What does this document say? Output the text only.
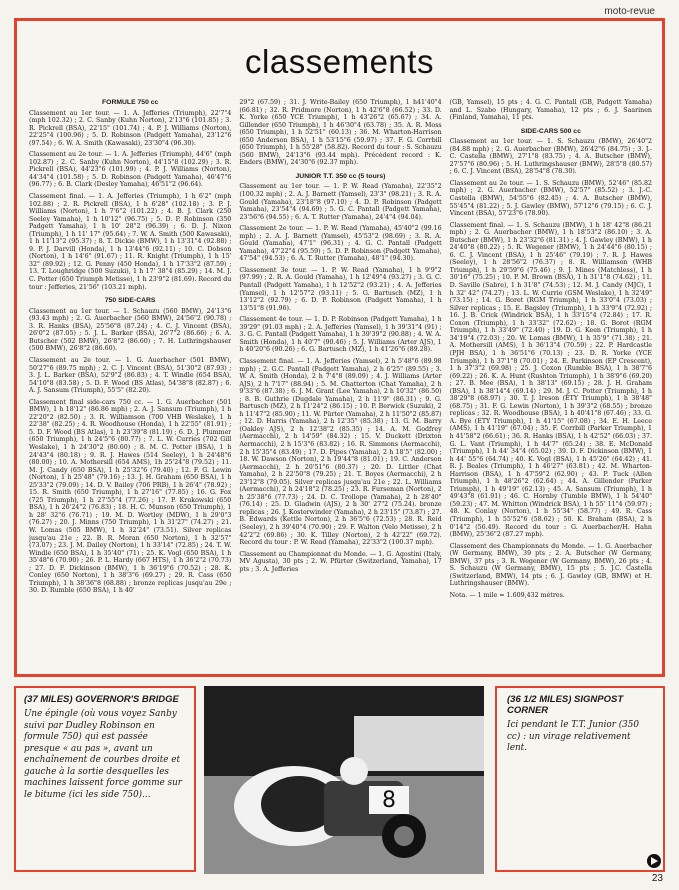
moto-revue
classements
FORMULE 750 cc

Classement au 1er tour. — 1. A. Jefferies (Triumph), 22'7"4 (mph 102.32) ; 2. C. Sanby (Kuhn Norton), 2'13"6 (101.85) ; 3. R. Pickrell (BSA), 22'15" (101.74) ; 4. P. J. Williams (Norton), 22'25"4 (100.96) ; 5. D. Robinson (Padgett Yamaha), 23'12"6 (97.54) ; 6. W. A. Smith (Kawasaki), 23'30"4 (96.30).

Classement au 2e tour. — 1. A. Jefferies (Triumph), 44'6" (mph 102.87) ; 2. C. Sanby (Kuhn Norton), 44'15"8 (102.29) ; 3. R. Pickrell (BSA), 44'23"6 (101.99) ; 4. P. J. Williams (Norton), 44'34"4 (101.58) ; 5. D. Robinson (Padgett Yamaha), 46'47"6 (96.77) ; 6. B. Clark (Desley Yamaha), 46'51"2 (96.64).

Classement final. — 1. A. Jefferies (Triumph), 1 h 6'2" (mph 102.88) ; 2. R. Pickrell (BSA), 1 h 6'28" (102.18) ; 3. P. J. Williams (Norton), 1 h 7'6"2 (101.22) ; 4. B. J. Clark (250 Seeley Yamaha), 1 h 10'12" (96.75) ; 5. D. P. Robinson (350 Padgett Yamaha), 1 h 10' 28"2 (96.39) ; 6. D. J. Nixon (Triumph), 1 h 11' 17" (95.64) ; 7. W. A. Smith (500 Kawasaki), 1 h 11'13"2 (95.37) ; 8. T. Dickie (BMW), 1 h 13'31"4 (92.88) ; 9. P. J. Darvill (Honda), 1 h 13'44"6 (92.11) ; 10. C. Dobson (Norton), 1 h 14'6" (91.67) ; 11. R. Knight (Triumph), 1 h 15' 32" (89.92) ; 12. G. Penny (450 Honda), 1 h 17'33"2 (87.59) ; 13. T. Loughridge (500 Suzuki), 1 h 17' 38"4 (85.29) ; 14. M. J. C. Potter (650 Triumph Metisse), 1 h 23'9"2 (81.69). Record du tour : Jefferies, 21'56" (103.21 mph).

750 SIDE-CARS

Classement au 1er tour. — 1. Schauzu (560 BMW), 24'13"6 (93.43 mph) ; 2. G. Auerbacher (560 BMW), 24'56"2 (90.78) ; 3. R. Hanks (BSA), 25'56"8 (87.24) ; 4. C. J. Vincent (BSA), 26'0"2 (87.05) ; 5. J. L. Barker (BSA), 26'7"2 (86.66) ; 6. A. Butscher (502 BMW), 26'8"2 (86.60) ; 7. H. Luthringshauser (500 BMW), 26'8"2 (86.60).

Classement au 2e tour. — 1. G. Auerbacher (501 BMW), 50'27"6 (89.75 mph) ; 2. C. J. Vincent (BSA), 51'30"2 (87.93) ; 3. J. L. Barker (BSA), 52'9"2 (86.83) ; 4. T. Windle (654 BSA), 54'10"8 (83.58) ; 5. D. F. Wood (BS Atlas), 54'38"8 (82.87) ; 6. A. J. Sansum (Triumph), 55'5" (82.20).

Classement final side-cars 750 cc. — 1. G. Auerbacher (501 BMW), 1 h 18'12" (86.86 mph) ; 2. A. J. Sansum (Triumph), 1 h 22'20"2 (82.50) ; 3. R. Williamson (700 VHB Weslake), 1 h 22'38" (82.25) ; 4. R. Woodhouse (Honda), 1 h 22'55" (81.91) ; 5. D. F. Wood (BS Atlas), 1 h 23'39"8 (81.19) ; 6. D. J. Plummer (650 Triumph), 1 h 24'5"6 (80.77) ; 7. L. W. Curries (702 Gill Weslake), 1 h 24'30"2 (80.60) ; 8. M. C. Potter (BSA), 1 h 24'43"4 (80.18) ; 9. R. J. Hawes (514 Seeley), 1 h 24'48"6 (80.00) ; 10. A. Mothersill (654 AMS), 1h 25'24"8 (79.52) ; 11. M. J. Candy (650 BSA), 1 h 25'32"6 (79.40) ; 12. F. G. Lewin (Norton), 1 h 25'48" (79.16) ; 13. J. H. Graham (650 BSA), 1 h 25'33"2 (79.09) ; 14. D. V. Bailey (706 PRB), 1 h 26'4" (78.92) ; 15. R. Smith (650 Triumph), 1 h 27'16" (77.85) ; 16. G. Fox (725 Triumph), 1 h 27'55"4 (77.26) ; 17. P. Krukowski (650 BSA), 1 h 26'24"2 (76.83) ; 18. H. C. Munson (650 Triumph), 1 h 28' 32"6 (76.71) ; 19. M. D. Wortley (MDW), 1 h 29'0"3 (76.27) ; 20. J. Minns (750 Triumph), 1 h 31'27" (74.27) ; 21. W. Lomas (505 BMW), 1 h 32'24" (73.51). Silver replicas jusqu'au 21e ; 22. B. R. Moran (650 Norton), 1 h 32'57" (73.07) ; 23. J. M. Dailey (Norton), 1 h 33'14" (72.85) ; 24. T. W. Windle (650 BSA), 1 h 35'40" (71) ; 25. K. Vogl (650 BSA), 1 h 35'48"6 (70.90) ; 26. P. L. Hardy (667 HTS), 1 h 36'2"2 (70.73) ; 27. D. F. Dickinson (BMW), 1 h 36'19"6 (70.52) ; 28. K. Conley (650 Norton), 1 h 38'3"6 (69.27) ; 29. R. Cass (650 Triumph), 1 h 38'36"8 (68.88) ; bronze replicas jusqu'au 29e ; 30. D. Rumble (650 BSA), 1 h 40'

29"2 (67.59) ; 31. J. Write-Bailey (650 Triumph), 1 h41'40"4 (66.81) ; 32. R. Pridmore (Norton), 1 h 42'6"8 (66.52) ; 33. D. K. Yorke (650 YCE Triumph), 1 h 43'26"2 (65.67) ; 34. A. Gillender (650 Triumph), 1 h 46'30"4 (63.78) ; 35. A. R. Moss (650 Triumph), 1 h 52'51" (60.13) ; 36. M. Wharton-Harrison (650 Anderson BSA), 1 h 53'15"6 (59.97) ; 37. F. G. Corrbill (650 Triumph), 1 h 55'28" (58.82). Record du tour : S. Schauzu (560 BMW), 24'13"6 (93.44 mph). Précédent record : K. Enders (BMW), 24'30"6 (92.37 mph).

JUNIOR T.T. 350 cc (5 tours)

Classement au 1er tour. — 1. P. W. Read (Yamaha), 22'35"2 (100.32 mph) ; 2. A. J. Barnett (Yamsel), 23'3" (98.21) ; 3. R. A. Gould (Yamaha), 23'18"8 (97.10) ; 4. D. P. Robinson (Padgett Yamaha), 23'54"4 (94.69) ; 5. G. C. Pantall (Padgett Yamaha), 23'56"6 (94.55) ; 6. A. T. Rutter (Yamaha), 24'4"4 (94.04).

Classement 2e tour. — 1. P. W. Read (Yamaha), 45'40"2 (99.16 mph) ; 2. A. J. Barnett (Yamsel), 45'53"2 (98.69) ; 3. R. A. Gould (Yamaha), 47'1" (96.31) ; 4. G. C. Pantall (Padgett Yamaha), 47'22"4 (95.59) ; 5. D. P. Robinson (Padgett Yamaha), 47'54" (94.53) ; 6. A. T. Rutter (Yamaha), 48'1" (94.30).

Classement 3e tour. — 1. P. W. Read (Yamaha), 1 h 9'9"2 (97.99) ; 2. R. A. Gould (Yamaha), 1 h 12'49"4 (93.27) ; 3. G. C. Pantall (Padgett Yamaha), 1 h 12'52"2 (93.21) ; 4. A. Jefferies (Yamsel), 1 h 12'57"2 (93.11) ; 5. G. Bartusch (MZ), 1 h 13'12"2 (92.79) ; 6. D. P. Robinson (Padgett Yamaha), 1 h 13'51"8 (91.96).

Classement 4e tour. — 1. D. P. Robinson (Padgett Yamaha), 1 h 39'29" (91.03 mph) ; 2. A. Jefferies (Yamsel), 1 h 39'31"4 (91) ; 3. G. C. Pantall (Padgett Yamaha), 1 h 39'39"2 (90.88) ; 4. W. A. Smith (Honda), 1 h 40'7" (90.46) ; 5. J. Williams (Arter AJS), 1 h 40'20"6 (90.26) ; 6. G. Bartusch (MZ), 1 h 41'26"6 (89.28).

Classement final. — 1. A. Jefferies (Yamsel), 2 h 5'48"6 (89.98 mph) ; 2. G.C. Pantall (Padgett Yamaha), 2 h 6'25" (89.55) ; 3. W. A. Smith (Honda), 2 h 7'4"8 (89.09) ; 4. J. Williams (Arter AJS), 2 h 7'17" (88.94) ; 5. M. Chatterton (Chat Yamaha), 2 h 9'33"6 (87.38) ; 6. J. M. Grant (Lee Yamaha), 2 h 10'32" (86.50) ; 8. B. Guthrie (Dugdale Yamaha), 2 h 11'9" (86.31) ; 9. G. Bartusch (MZ), 2 h 11'24"2 (86.15) ; 10. P. Berwick (Suzuki), 2 h 11'47"2 (85.90) ; 11. W. Pürter (Yamaha), 2 h 11'50"2 (85.87) ; 12. D. Harris (Yamaha), 2 h 12'35" (85.38) ; 13. G. M. Barry (Oakley AJS), 2 h 12'38"2 (85.35) ; 14. A. M. Godfrey (Aermacchi), 2 h 14'59" (84.32) ; 15. V. Duckett (Drixton Aermacchi), 2 h 15'3"6 (83.82) ; 16. R. Simmons (Aermacchi), 2 h 15'35"4 (83.49) ; 17. D. Pipes (Yamaha), 2 h 18'5" (82.00) ; 18. W. Dawson (Norton), 2 h 19'44"8 (81.01) ; 19. C. Anderson (Aermacchi), 2 h 20'51"6 (80.37) ; 20. D. Littler (Chat Yamaha), 2 h 22'50"8 (79.25) ; 21. T. Boyes (Aermacchi), 2 h 23'12"8 (79.05). Silver replicas jusqu'au 21e ; 22. L. Williams (Aermacchi), 2 h 24'18"2 (78.25) ; 23. R. Furseman (Norton), 2 h 25'38"6 (77.73) ; 24. D. C. Trollope (Yamaha), 2 h 28'40" (76.14) ; 25. D. Gladwin (AJS), 2 h 30' 27"2 (75.24). bronze replicas ; 26. J. Kosterwinder (Yamaha), 2 h 23'15" (73.87) ; 27. B. Edwards (Kettle Norton), 2 h 36'5"6 (72.53) ; 28. R. Reid (Seeley), 2 h 39'40"4 (70.90) ; 29. F. Walton (Velo Metisse), 2 h 42'2"2 (69.86) ; 30. K. Tilley (Norton), 2 h 42'22" (69.72). Record du tour : P. W. Read (Yamaha), 22'33"2 (100.37 mph).

Classement au Championnat du Monde. — 1. G. Agostini (Italy, MV Agusta), 30 pts ; 2. W. Pfürter (Switzerland, Yamaha), 17 pts ; 3. A. Jefferies

(GB, Yamsel), 15 pts ; 4. G. C. Pantall (GB, Padgett Yamaha) and L. Szabo (Hungary, Yamaha), 12 pts ; 6. J. Saarinen (Finland, Yamaha), 11 pts.

SIDE-CARS 500 cc

Classement au 1er tour. — 1. S. Schauzu (BMW), 26'40"2 (84.88 mph) ; 2. G. Auerbacher (BMW), 26'42"6 (84.75) ; 3. J.-C. Castella (BMW), 27'1"8 (83.75) ; 4. A. Butscher (BMW), 27'57"6 (80.96) ; 5. H. Luthringshauser (BMW), 28'5"8 (80.57) ; 6. C. J. Vincent (BSA), 28'54"8 (78.30).

Classement au 2e tour. — 1. S. Schauzu (BMW), 52'46" (85.82 mph) ; 2. G. Auerbacher (BMW), 52'57" (85.52) ; 3. J.-C. Castella (BMW), 54'55"6 (82.45) ; 4. A. Butscher (BMW), 55'45"4 (81.22) ; 5. J. Gawley (BMW), 57'12"6 (79.15) ; 6. C. J. Vincent (BSA), 57'23"6 (78.90).

Classement final. — 1. S. Schauzu (BMW), 1 h 18' 42"8 (86.21 mph) ; 2. G. Auerbacher (BMW), 1 h 18'53"2 (86.10) ; 3. A. Butscher (BMW), 1 h 23'32"6 (81.31) ; 4. J. Gawley (BMW), 1 h 24'40"8 (80.22) ; 5. R. Wegener (BMW), 1 h 24'44"6 (80.15) ; 6. C. J. Vincent (BSA), 1 h 25'46" (79.19) ; 7. R. J. Hawes (Seeley), 1 h 28'56"2 (76.37) ; 8. R. Williamson (WHB Triumph), 1 h 29'59"6 (75.46) ; 9. J. Mines (Matchless), 1 h 30'16" (75.25) ; 10. P. M. Brown (BSA), 1 h 31'1"8 (74.62) ; 11. D. Saville (Sabre), 1 h 31'8" (74.53) ; 12. M. J. Candy (MJC), 1 h 32' 42" (74.27) ; 13. L. W. Currie (GSM Weslake), 1 h 32'49" (73.15) ; 14. G. Boret (RGM Triumph), 1 h 33'0"4 (73.03) ; Silver replicas ; 15. E. Bagsley (Triumph), 1 h 33'9"4 (72.92) ; 16. J. B. Crick (Windrick BSA), 1 h 33'15"4 (72.84) ; 17. R. Coxon (Triumph), 1 h 33'32" (72.62) ; 18. G. Borot (RGM Triumph), 1 h 33'49" (72.40) ; 19. D. G. Keen (Triumph), 1 h 34'19"4 (72.03) ; 20. W. Lomas (BMW), 1 h 35'9" (71.38) ; 21. A. Mothersill (AMS), 1 h 36'13"4 (70.59) ; 22. P. Hardcastle (PJH BSA), 1 h 36'51"6 (70.13) ; 23. D. R. Yorke (YCE Triumph), 1 h 37'1"8 (70.01) ; 24. E. Parkinson (EP Crescent), 1 h 37'3"2 (69.98) ; 25. J. Coxon (Rumble BSA), 1 h 38'7"6 (69.22) ; 26. K. A. Hunt (Rushton Triumph), 1 h 38'9"6 (69.20) ; 27. B. Mee (BSA), 1 h 38'13" (69.15) ; 28. J. H. Graham (BSA), 1 h 38'14"4 (69.14) ; 29. M. J. C. Potter (Triumph), 1 h 38'29"8 (68.97) ; 30. T. J. Ireson (ETY Triumph), 1 h 38'48" (68.75) ; 31. F. G. Lewin (Norton), 1 h 39'3"2 (68.55) ; bronze replicas ; 32. R. Woodhouse (BSA), 1 h 40'41"8 (67.46) ; 33. G. A. Bye (ETY Triumph), 1 h 41'15" (67.08) ; 34. E. H. Leece (AMS), 1 h 41'19" (67.04) ; 35. F. Corrbill (Parker Triumph), 1 h 41'58"2 (66.61) ; 36. R. Hanks (BSA), 1 h 42'52" (66.03) ; 37. G. L. Vant (Triumph), 1 h 44'7" (65.24) ; 38. E. McDonald (Triumph), 1 h 44' 34"4 (65.02) ; 39. D. F. Dickinson (BMW), 1 h 44' 55"6 (64.74) ; 40. K. Vogl (BSA), 1 h 45'26" (64.42) ; 41. R. J. Beales (Triumph), 1 h 46'27" (63.81) ; 42. M. Wharton-Harrison (BSA), 1 h 47'59"2 (62.90) ; 43. P. Tuck (Allen Triumph), 1 h 48'26"2 (62.64) ; 44. A. Gillender (Parker Triumph), 1 h 49'19" (62.13) ; 45. A. Sansum (Triumph), 1 h 49'43"8 (61.91) ; 46. C. Hornby (Tumble BMW), 1 h 54'40" (59.23) ; 47. M. Whitton (Windrick BSA), 1 h 55' 11"4 (59.97) ; 48. K. Conlay (Norton), 1 h 55'34" (58.77) ; 49. R. Cass (Triumph), 1 h 55'52"6 (58.62) ; 50. K. Braham (BSA), 2 h 0'14"2 (56.49). Record du tour : G. Auerbacher/H. Hahn (BMW), 25'36"2 (87.27 mph).

Classement des Championnats du Monde. — 1. G. Auerbacher (W Germany, BMW), 39 pts ; 2. A. Butscher (W Germany, BMW), 37 pts ; 3. R. Wegener (W Germany, BMW), 26 pts ; 4. S. Schauzu (W Germany, BMW), 15 pts ; 5. J.C. Castella (Switzerland, BMW), 14 pts ; 6. J. Gawley (GB, BMW) et H. Luthringshauser (BMW).

Nota. — 1 mile = 1.609,432 mètres.

(37 MILES) GOVERNOR'S BRIDGE
Une épingle (où vous voyez Sanby suivi par Dudley Robinson en formule 750) qui est passée presque « au pas », avant un enchaînement de courbes droite et gauche à la sortie desquelles les machines laissent force gomme sur le bitume (ici les side 750)...	8
(36 1/2 MILES) SIGNPOST CORNER
Ici pendant le T.T. Junior (350 cc) : un virage relativement lent.
23
